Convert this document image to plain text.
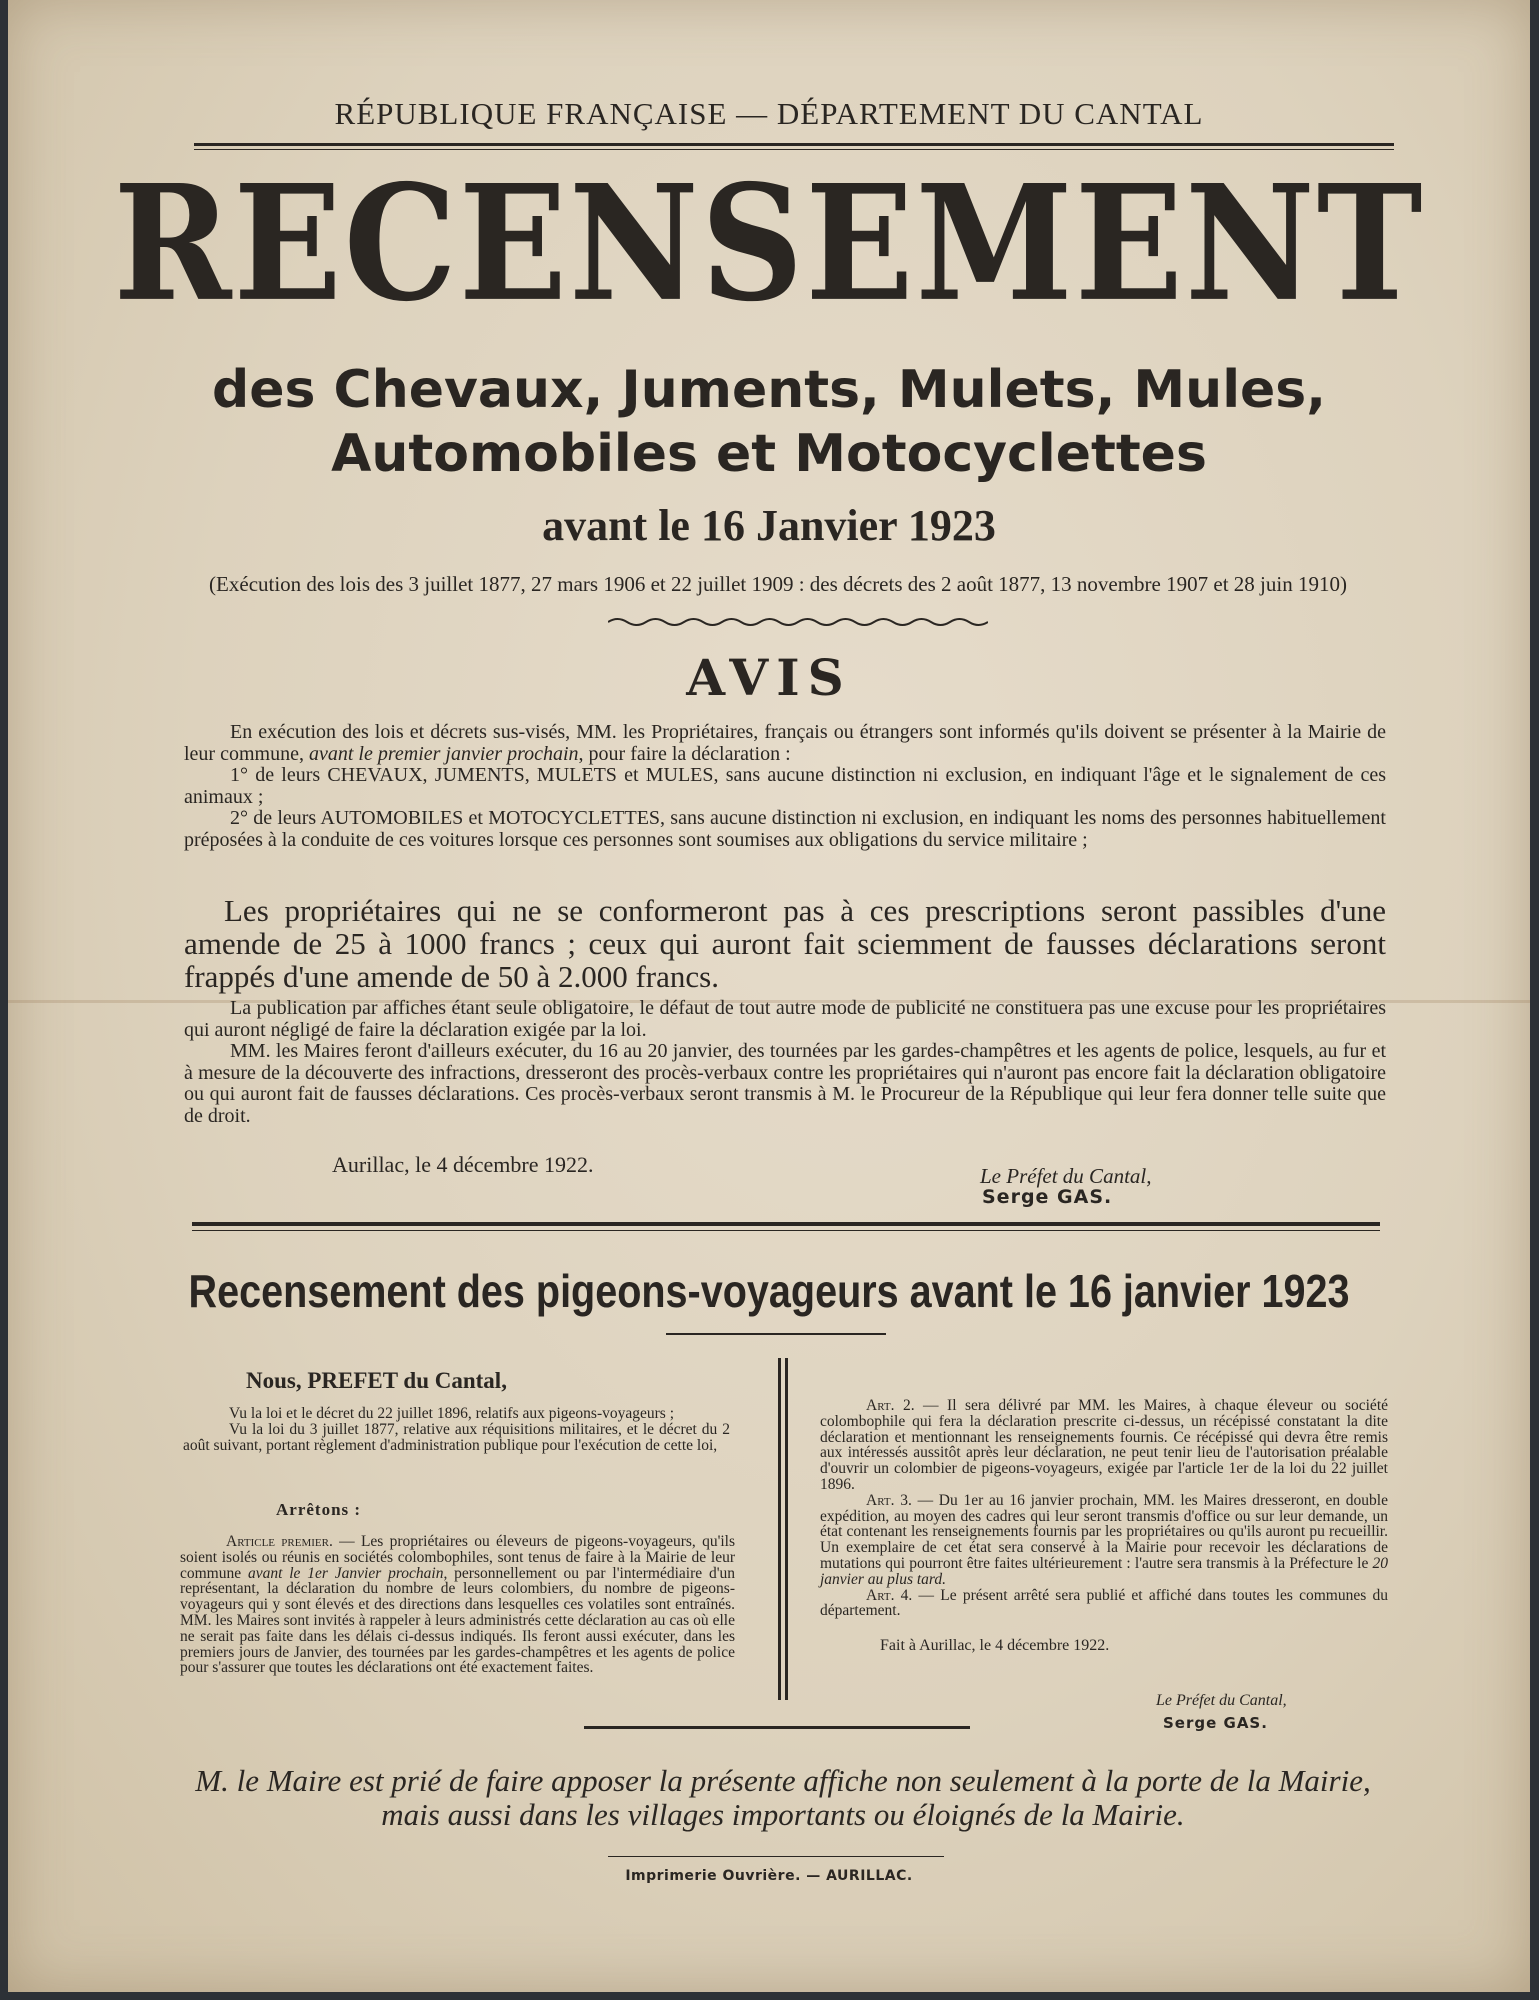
RÉPUBLIQUE FRANÇAISE — DÉPARTEMENT DU CANTAL
RECENSEMENT
des Chevaux, Juments, Mulets, Mules,
Automobiles et Motocyclettes
avant le 16 Janvier 1923
(Exécution des lois des 3 juillet 1877, 27 mars 1906 et 22 juillet 1909 : des décrets des 2 août 1877, 13 novembre 1907 et 28 juin 1910)
AVIS

En exécution des lois et décrets sus-visés, MM. les Propriétaires, français ou étrangers sont informés qu'ils doivent se présenter à la Mairie de leur commune, avant le premier janvier prochain, pour faire la déclaration :

1° de leurs CHEVAUX, JUMENTS, MULETS et MULES, sans aucune distinction ni exclusion, en indiquant l'âge et le signalement de ces animaux ;

2° de leurs AUTOMOBILES et MOTOCYCLETTES, sans aucune distinction ni exclusion, en indiquant les noms des personnes habituellement préposées à la conduite de ces voitures lorsque ces personnes sont soumises aux obligations du service militaire ;

Les propriétaires qui ne se conformeront pas à ces prescriptions seront passibles d'une amende de 25 à 1000 francs ; ceux qui auront fait sciemment de fausses déclarations seront frappés d'une amende de 50 à 2.000 francs.

La publication par affiches étant seule obligatoire, le défaut de tout autre mode de publicité ne constituera pas une excuse pour les propriétaires qui auront négligé de faire la déclaration exigée par la loi.

MM. les Maires feront d'ailleurs exécuter, du 16 au 20 janvier, des tournées par les gardes-champêtres et les agents de police, lesquels, au fur et à mesure de la découverte des infractions, dresseront des procès-verbaux contre les propriétaires qui n'auront pas encore fait la déclaration obligatoire ou qui auront fait de fausses déclarations. Ces procès-verbaux seront transmis à M. le Procureur de la République qui leur fera donner telle suite que de droit.

Aurillac, le 4 décembre 1922.	Le Préfet du Cantal,
Serge GAS.
Recensement des pigeons-voyageurs avant le 16 janvier 1923
Nous, PREFET du Cantal,

Vu la loi et le décret du 22 juillet 1896, relatifs aux pigeons-voyageurs ;

Vu la loi du 3 juillet 1877, relative aux réquisitions militaires, et le décret du 2 août suivant, portant règlement d'administration publique pour l'exécution de cette loi,

Arrêtons :

Article premier. — Les propriétaires ou éleveurs de pigeons-voyageurs, qu'ils soient isolés ou réunis en sociétés colombophiles, sont tenus de faire à la Mairie de leur commune avant le 1er Janvier prochain, personnellement ou par l'intermédiaire d'un représentant, la déclaration du nombre de leurs colombiers, du nombre de pigeons-voyageurs qui y sont élevés et des directions dans lesquelles ces volatiles sont entraînés. MM. les Maires sont invités à rappeler à leurs administrés cette déclaration au cas où elle ne serait pas faite dans les délais ci-dessus indiqués. Ils feront aussi exécuter, dans les premiers jours de Janvier, des tournées par les gardes-champêtres et les agents de police pour s'assurer que toutes les déclarations ont été exactement faites.

Art. 2. — Il sera délivré par MM. les Maires, à chaque éleveur ou société colombophile qui fera la déclaration prescrite ci-dessus, un récépissé constatant la dite déclaration et mentionnant les renseignements fournis. Ce récépissé qui devra être remis aux intéressés aussitôt après leur déclaration, ne peut tenir lieu de l'autorisation préalable d'ouvrir un colombier de pigeons-voyageurs, exigée par l'article 1er de la loi du 22 juillet 1896.

Art. 3. — Du 1er au 16 janvier prochain, MM. les Maires dresseront, en double expédition, au moyen des cadres qui leur seront transmis d'office ou sur leur demande, un état contenant les renseignements fournis par les propriétaires ou qu'ils auront pu recueillir. Un exemplaire de cet état sera conservé à la Mairie pour recevoir les déclarations de mutations qui pourront être faites ultérieurement : l'autre sera transmis à la Préfecture le 20 janvier au plus tard.

Art. 4. — Le présent arrêté sera publié et affiché dans toutes les communes du département.

Fait à Aurillac, le 4 décembre 1922.
Le Préfet du Cantal,
Serge GAS.
M. le Maire est prié de faire apposer la présente affiche non seulement à la porte de la Mairie, mais aussi dans les villages importants ou éloignés de la Mairie.
Imprimerie Ouvrière. — AURILLAC.
